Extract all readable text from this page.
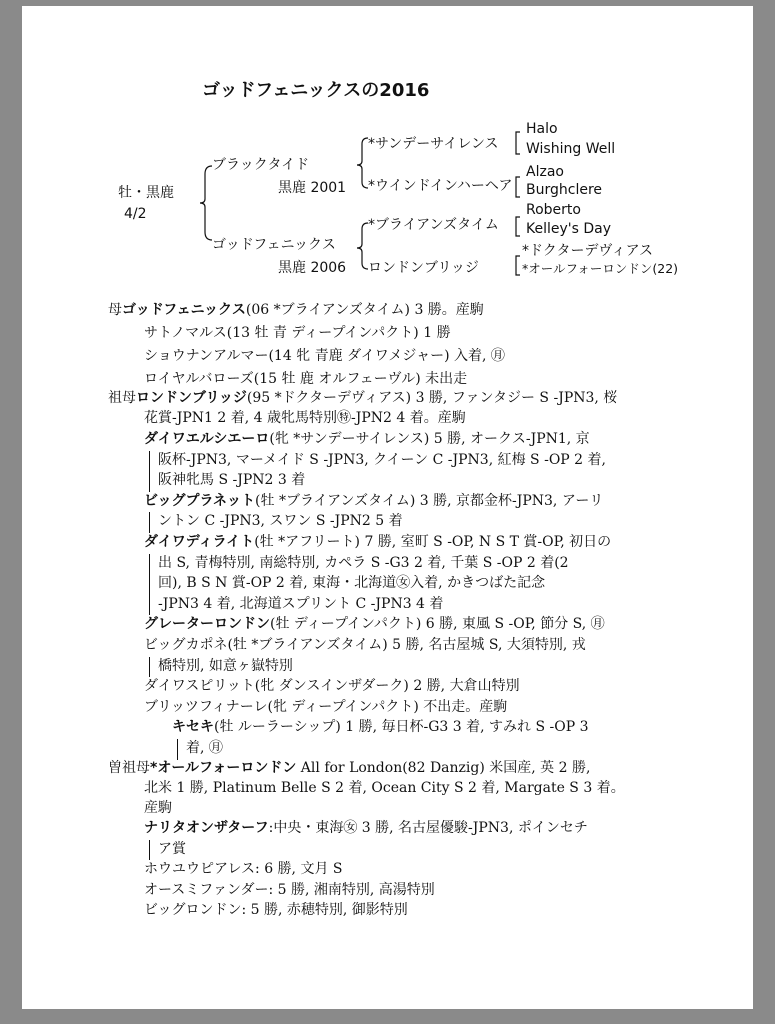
ゴッドフェニックスの2016
牡・黒鹿
4/2
ブラックタイド
黒鹿 2001
ゴッドフェニックス
黒鹿 2006
*サンデーサイレンス
*ウインドインハーヘア
*ブライアンズタイム
ロンドンブリッジ
Halo
Wishing Well
Alzao
Burghclere
Roberto
Kelley's Day
*ドクターデヴィアス
*オールフォーロンドン(22)
母ゴッドフェニックス(06 *ブライアンズタイム) 3 勝。産駒
サトノマルス(13 牡 青 ディープインパクト) 1 勝
ショウナンアルマー(14 牝 青鹿 ダイワメジャー) 入着, ㊊
ロイヤルバローズ(15 牡 鹿 オルフェーヴル) 未出走
祖母ロンドンブリッジ(95 *ドクターデヴィアス) 3 勝, ファンタジー S -JPN3, 桜
花賞-JPN1 2 着, 4 歳牝馬特別㊕-JPN2 4 着。産駒
ダイワエルシエーロ(牝 *サンデーサイレンス) 5 勝, オークス-JPN1, 京
阪杯-JPN3, マーメイド S -JPN3, クイーン C -JPN3, 紅梅 S -OP 2 着,
阪神牝馬 S -JPN2 3 着
ビッグプラネット(牡 *ブライアンズタイム) 3 勝, 京都金杯-JPN3, アーリ
ントン C -JPN3, スワン S -JPN2 5 着
ダイワディライト(牡 *アフリート) 7 勝, 室町 S -OP, N S T 賞-OP, 初日の
出 S, 青梅特別, 南総特別, カペラ S -G3 2 着, 千葉 S -OP 2 着(2
回), B S N 賞-OP 2 着, 東海・北海道㊛入着, かきつばた記念
-JPN3 4 着, 北海道スプリント C -JPN3 4 着
グレーターロンドン(牡 ディープインパクト) 6 勝, 東風 S -OP, 節分 S, ㊊
ビッグカポネ(牡 *ブライアンズタイム) 5 勝, 名古屋城 S, 大須特別, 戎
橋特別, 如意ヶ嶽特別
ダイワスピリット(牝 ダンスインザダーク) 2 勝, 大倉山特別
ブリッツフィナーレ(牝 ディープインパクト) 不出走。産駒
キセキ(牡 ルーラーシップ) 1 勝, 毎日杯-G3 3 着, すみれ S -OP 3
着, ㊊
曽祖母*オールフォーロンドン All for London(82 Danzig) 米国産, 英 2 勝,
北米 1 勝, Platinum Belle S 2 着, Ocean City S 2 着, Margate S 3 着。
産駒
ナリタオンザターフ:中央・東海㊛ 3 勝, 名古屋優駿-JPN3, ポインセチ
ア賞
ホウユウピアレス: 6 勝, 文月 S
オースミファンダー: 5 勝, 湘南特別, 高湯特別
ビッグロンドン: 5 勝, 赤穂特別, 御影特別
